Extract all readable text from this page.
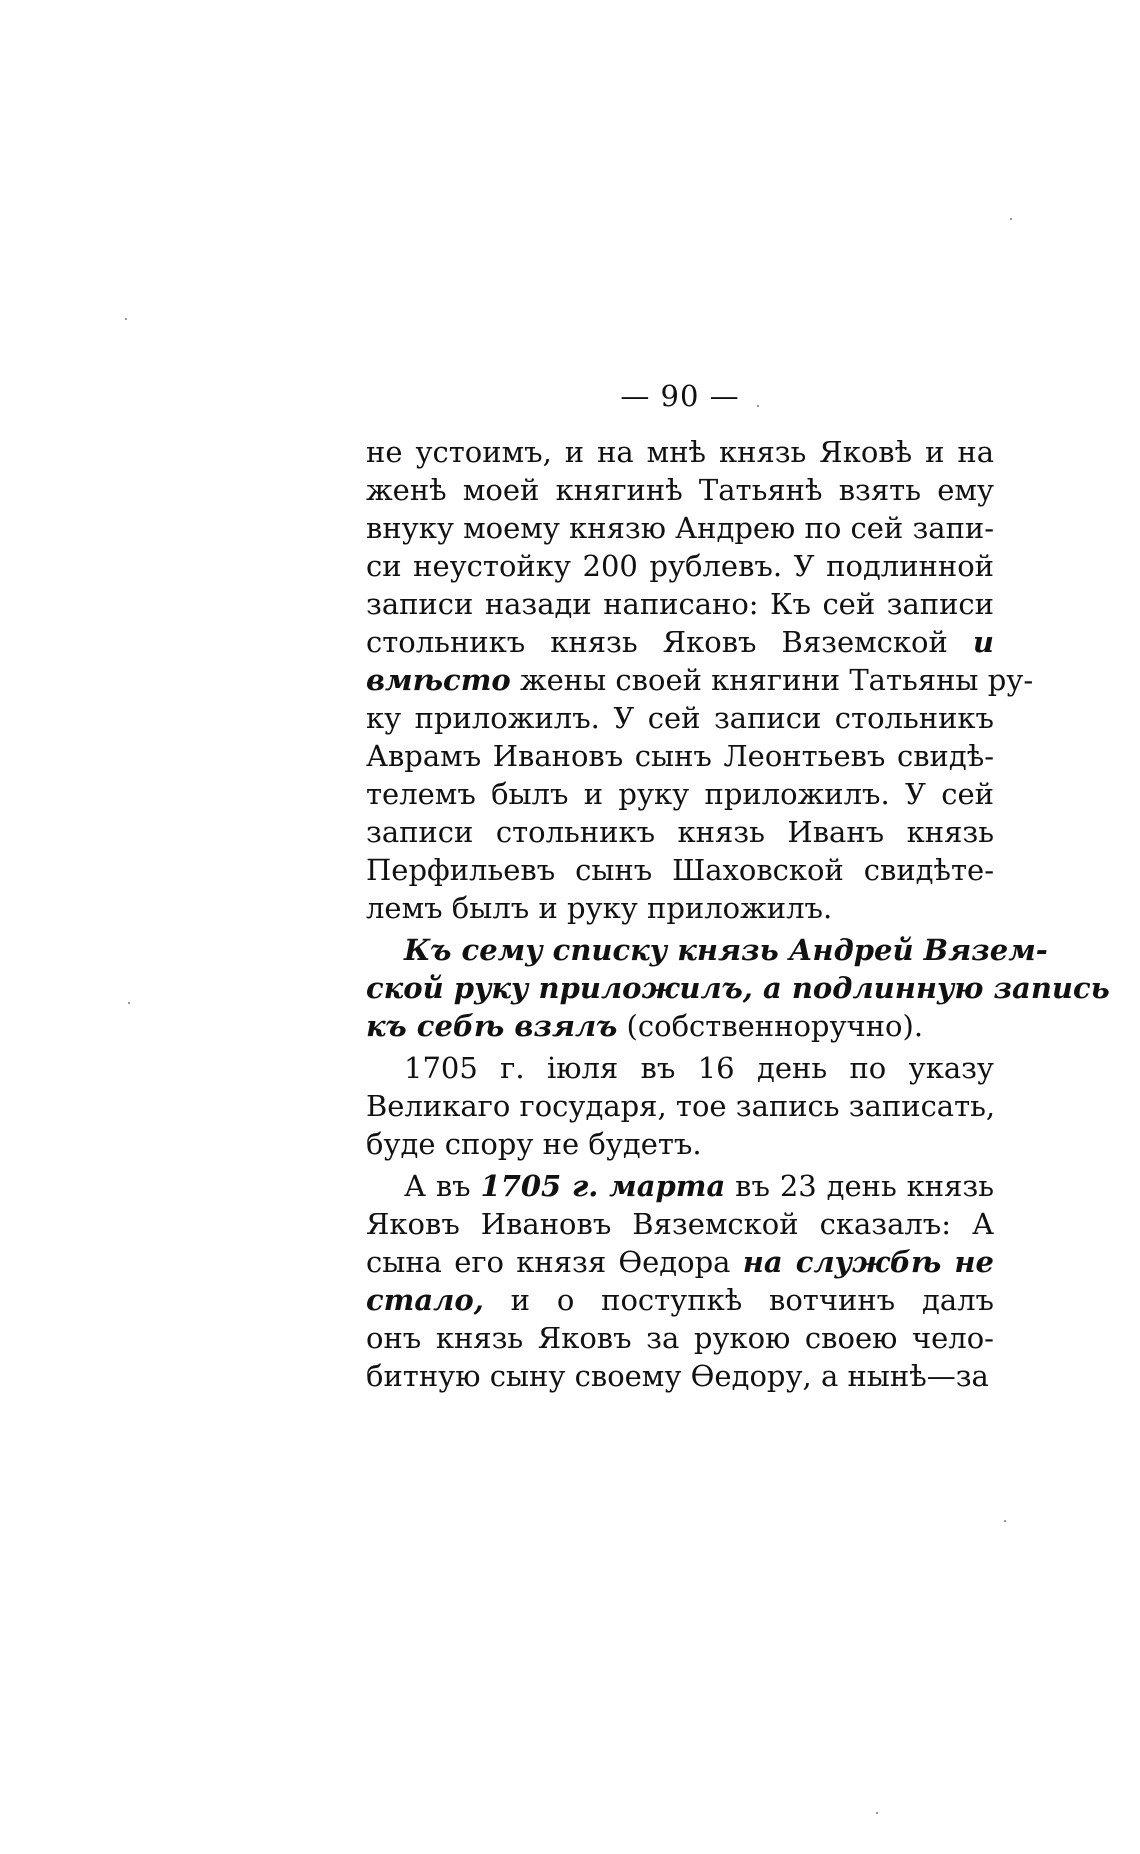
— 90 —
не устоимъ, и на мнѣ князь Яковѣ и на
женѣ моей княгинѣ Татьянѣ взять ему
внуку моему князю Андрею по сей запи-
си неустойку 200 рублевъ. У подлинной
записи назади написано: Къ сей записи
стольникъ князь Яковъ Вяземской и
вмѣсто жены своей княгини Татьяны ру-
ку приложилъ. У сей записи стольникъ
Аврамъ Ивановъ сынъ Леонтьевъ свидѣ-
телемъ былъ и руку приложилъ. У сей
записи стольникъ князь Иванъ князь
Перфильевъ сынъ Шаховской свидѣте-
лемъ былъ и руку приложилъ.
Къ сему списку князь Андрей Вязем-
ской руку приложилъ, а подлинную запись
къ себѣ взялъ (собственноручно).
1705 г. іюля въ 16 день по указу
Великаго государя, тое запись записать,
буде спору не будетъ.
А въ 1705 г. марта въ 23 день князь
Яковъ Ивановъ Вяземской сказалъ: А
сына его князя Ѳедора на службѣ не
стало, и о поступкѣ вотчинъ далъ
онъ князь Яковъ за рукою своею чело-
битную сыну своему Ѳедору, а нынѣ—за
